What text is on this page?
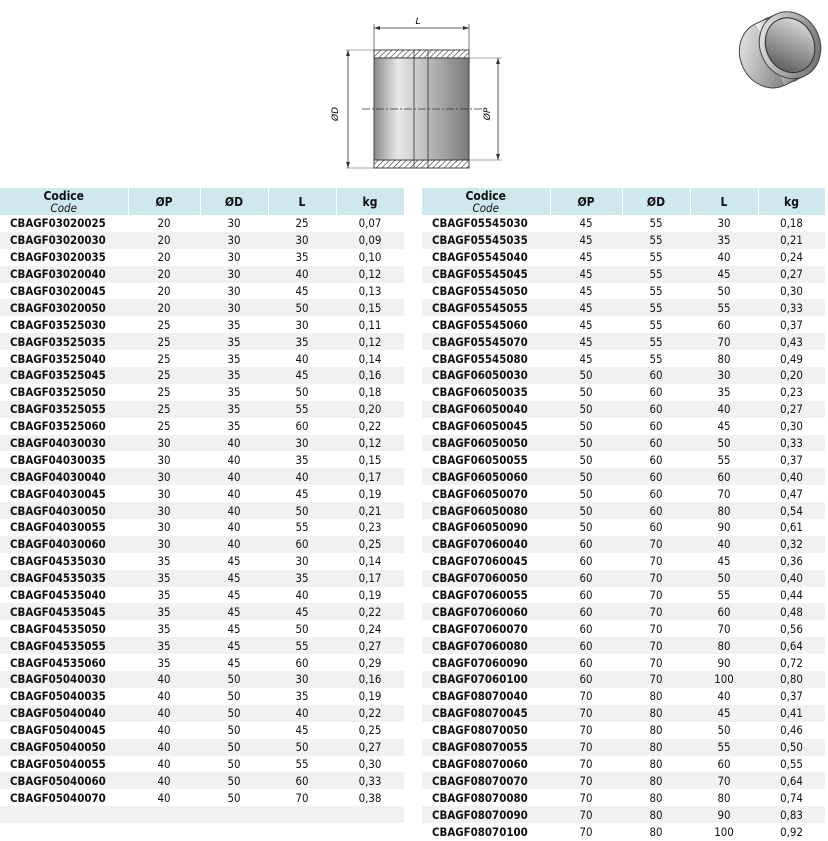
L
ØD	ØP
Codice
Code	ØP	ØD	L	kg
CBAGF03020025	20	30	25	0,07
CBAGF03020030	20	30	30	0,09
CBAGF03020035	20	30	35	0,10
CBAGF03020040	20	30	40	0,12
CBAGF03020045	20	30	45	0,13
CBAGF03020050	20	30	50	0,15
CBAGF03525030	25	35	30	0,11
CBAGF03525035	25	35	35	0,12
CBAGF03525040	25	35	40	0,14
CBAGF03525045	25	35	45	0,16
CBAGF03525050	25	35	50	0,18
CBAGF03525055	25	35	55	0,20
CBAGF03525060	25	35	60	0,22
CBAGF04030030	30	40	30	0,12
CBAGF04030035	30	40	35	0,15
CBAGF04030040	30	40	40	0,17
CBAGF04030045	30	40	45	0,19
CBAGF04030050	30	40	50	0,21
CBAGF04030055	30	40	55	0,23
CBAGF04030060	30	40	60	0,25
CBAGF04535030	35	45	30	0,14
CBAGF04535035	35	45	35	0,17
CBAGF04535040	35	45	40	0,19
CBAGF04535045	35	45	45	0,22
CBAGF04535050	35	45	50	0,24
CBAGF04535055	35	45	55	0,27
CBAGF04535060	35	45	60	0,29
CBAGF05040030	40	50	30	0,16
CBAGF05040035	40	50	35	0,19
CBAGF05040040	40	50	40	0,22
CBAGF05040045	40	50	45	0,25
CBAGF05040050	40	50	50	0,27
CBAGF05040055	40	50	55	0,30
CBAGF05040060	40	50	60	0,33
CBAGF05040070	40	50	70	0,38

Codice
Code	ØP	ØD	L	kg
CBAGF05545030	45	55	30	0,18
CBAGF05545035	45	55	35	0,21
CBAGF05545040	45	55	40	0,24
CBAGF05545045	45	55	45	0,27
CBAGF05545050	45	55	50	0,30
CBAGF05545055	45	55	55	0,33
CBAGF05545060	45	55	60	0,37
CBAGF05545070	45	55	70	0,43
CBAGF05545080	45	55	80	0,49
CBAGF06050030	50	60	30	0,20
CBAGF06050035	50	60	35	0,23
CBAGF06050040	50	60	40	0,27
CBAGF06050045	50	60	45	0,30
CBAGF06050050	50	60	50	0,33
CBAGF06050055	50	60	55	0,37
CBAGF06050060	50	60	60	0,40
CBAGF06050070	50	60	70	0,47
CBAGF06050080	50	60	80	0,54
CBAGF06050090	50	60	90	0,61
CBAGF07060040	60	70	40	0,32
CBAGF07060045	60	70	45	0,36
CBAGF07060050	60	70	50	0,40
CBAGF07060055	60	70	55	0,44
CBAGF07060060	60	70	60	0,48
CBAGF07060070	60	70	70	0,56
CBAGF07060080	60	70	80	0,64
CBAGF07060090	60	70	90	0,72
CBAGF07060100	60	70	100	0,80
CBAGF08070040	70	80	40	0,37
CBAGF08070045	70	80	45	0,41
CBAGF08070050	70	80	50	0,46
CBAGF08070055	70	80	55	0,50
CBAGF08070060	70	80	60	0,55
CBAGF08070070	70	80	70	0,64
CBAGF08070080	70	80	80	0,74
CBAGF08070090	70	80	90	0,83
CBAGF08070100	70	80	100	0,92
